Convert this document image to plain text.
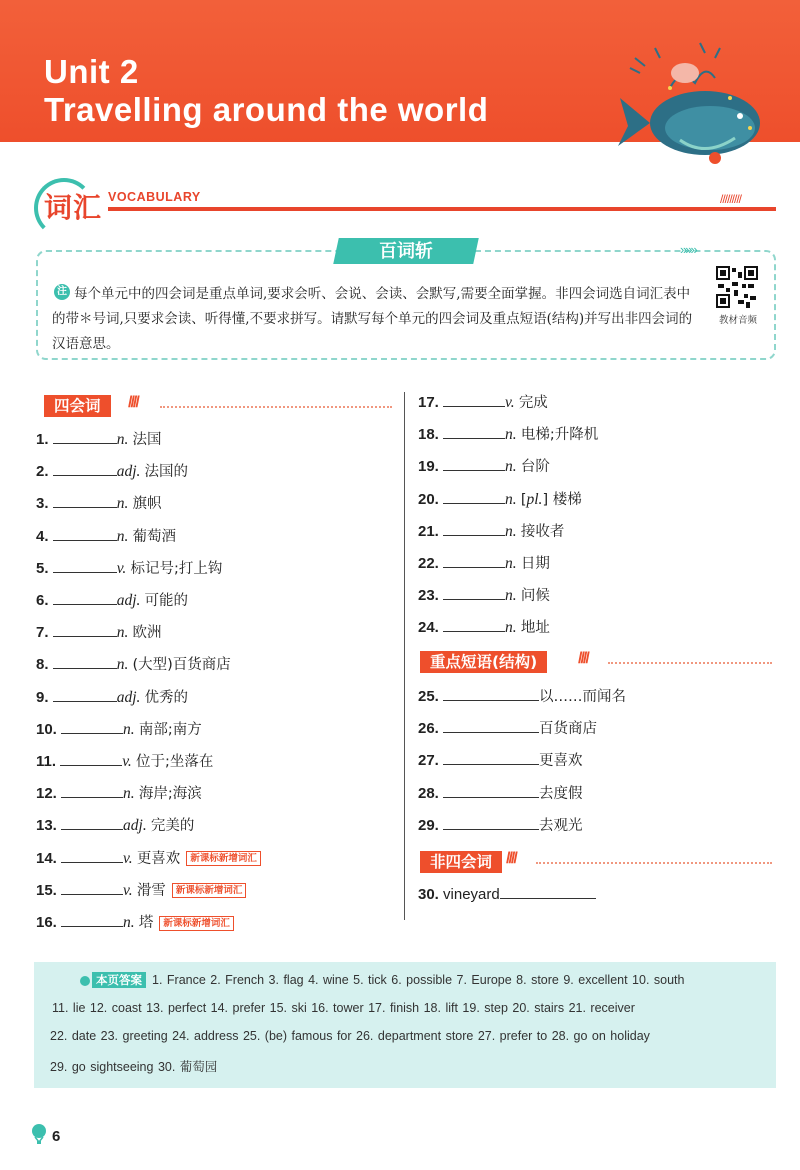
Unit 2
Travelling around the world
词汇 VOCABULARY	/////////
百词斩	»»»
注 每个单元中的四会词是重点单词,要求会听、会说、会读、会默写,需要全面掌握。非四会词选自词汇表中的带＊号词,只要求会读、听得懂,不要求拼写。请默写每个单元的四会词及重点短语(结构)并写出非四会词的汉语意思。
教材音频
四会词	////
1.	n. 法国
2.	adj. 法国的
3.	n. 旗帜
4.	n. 葡萄酒
5.	v. 标记号;打上钩
6.	adj. 可能的
7.	n. 欧洲
8.	n. (大型)百货商店
9.	adj. 优秀的
10.	n. 南部;南方
11.	v. 位于;坐落在
12.	n. 海岸;海滨
13.	adj. 完美的
14.	v. 更喜欢 新课标新增词汇
15.	v. 滑雪 新课标新增词汇
16.	n. 塔 新课标新增词汇
17.	v. 完成
18.	n. 电梯;升降机
19.	n. 台阶
20.	n. [pl.] 楼梯
21.	n. 接收者
22.	n. 日期
23.	n. 问候
24.	n. 地址
重点短语(结构)	////
25.	以……而闻名
26.	百货商店
27.	更喜欢
28.	去度假
29.	去观光
非四会词 ////
30. vineyard
本页答案 1. France 2. French 3. flag 4. wine 5. tick 6. possible 7. Europe 8. store 9. excellent 10. south
11. lie 12. coast 13. perfect 14. prefer 15. ski 16. tower 17. finish 18. lift 19. step 20. stairs 21. receiver
22. date 23. greeting 24. address 25. (be) famous for 26. department store 27. prefer to 28. go on holiday
29. go sightseeing 30. 葡萄园
6
